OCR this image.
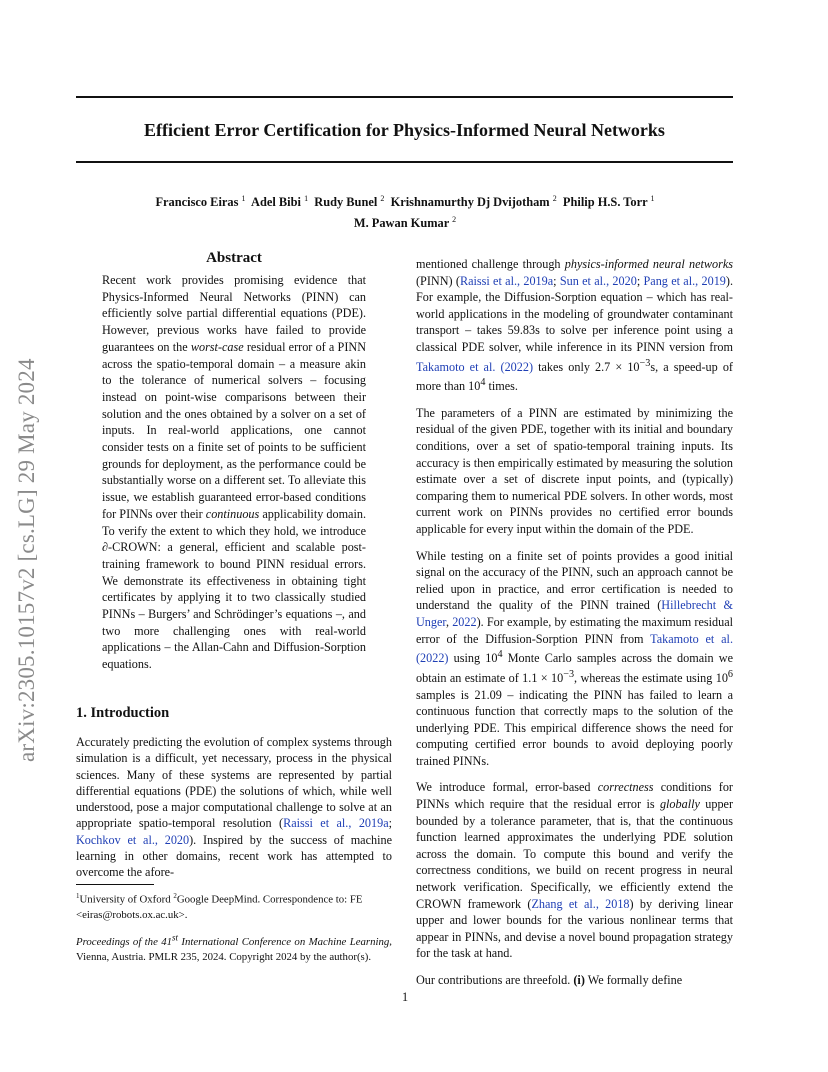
Efficient Error Certification for Physics-Informed Neural Networks
Francisco Eiras $^1$ Adel Bibi $^1$ Rudy Bunel $^2$ Krishnamurthy Dj Dvijotham $^2$ Philip H.S. Torr $^1$
M. Pawan Kumar $^2$
arXiv:2305.10157v2 [cs.LG] 29 May 2024
Abstract
Recent work provides promising evidence that Physics-Informed Neural Networks (PINN) can efficiently solve partial differential equations (PDE). However, previous works have failed to provide guarantees on the worst-case residual error of a PINN across the spatio-temporal domain – a measure akin to the tolerance of numerical solvers – focusing instead on point-wise comparisons between their solution and the ones obtained by a solver on a set of inputs. In real-world applications, one cannot consider tests on a finite set of points to be sufficient grounds for deployment, as the performance could be substantially worse on a different set. To alleviate this issue, we establish guaranteed error-based conditions for PINNs over their continuous applicability domain. To verify the extent to which they hold, we introduce ∂-CROWN: a general, efficient and scalable post-training framework to bound PINN residual errors. We demonstrate its effectiveness in obtaining tight certificates by applying it to two classically studied PINNs – Burgers’ and Schrödinger’s equations –, and two more challenging ones with real-world applications – the Allan-Cahn and Diffusion-Sorption equations.
1. Introduction
Accurately predicting the evolution of complex systems through simulation is a difficult, yet necessary, process in the physical sciences. Many of these systems are represented by partial differential equations (PDE) the solutions of which, while well understood, pose a major computational challenge to solve at an appropriate spatio-temporal resolution (Raissi et al., 2019a; Kochkov et al., 2020). Inspired by the success of machine learning in other domains, recent work has attempted to overcome the afore-
$^1$University of Oxford $^2$Google DeepMind. Correspondence to: FE <eiras@robots.ox.ac.uk>.
Proceedings of the 41st International Conference on Machine Learning, Vienna, Austria. PMLR 235, 2024. Copyright 2024 by the author(s).

mentioned challenge through physics-informed neural networks (PINN) (Raissi et al., 2019a; Sun et al., 2020; Pang et al., 2019). For example, the Diffusion-Sorption equation – which has real-world applications in the modeling of groundwater contaminant transport – takes 59.83s to solve per inference point using a classical PDE solver, while inference in its PINN version from Takamoto et al. (2022) takes only $2.7 \times 10^{-3}s$, a speed-up of more than $10^4$ times.

The parameters of a PINN are estimated by minimizing the residual of the given PDE, together with its initial and boundary conditions, over a set of spatio-temporal training inputs. Its accuracy is then empirically estimated by measuring the solution estimate over a set of discrete input points, and (typically) comparing them to numerical PDE solvers. In other words, most current work on PINNs provides no certified error bounds applicable for every input within the domain of the PDE.

While testing on a finite set of points provides a good initial signal on the accuracy of the PINN, such an approach cannot be relied upon in practice, and error certification is needed to understand the quality of the PINN trained (Hillebrecht & Unger, 2022). For example, by estimating the maximum residual error of the Diffusion-Sorption PINN from Takamoto et al. (2022) using $10^4$ Monte Carlo samples across the domain we obtain an estimate of $1.1 \times 10^{-3}$, whereas the estimate using $10^6$ samples is 21.09 – indicating the PINN has failed to learn a continuous function that correctly maps to the solution of the underlying PDE. This empirical difference shows the need for computing certified error bounds to avoid deploying poorly trained PINNs.

We introduce formal, error-based correctness conditions for PINNs which require that the residual error is globally upper bounded by a tolerance parameter, that is, that the continuous function learned approximates the underlying PDE solution across the domain. To compute this bound and verify the correctness conditions, we build on recent progress in neural network verification. Specifically, we efficiently extend the CROWN framework (Zhang et al., 2018) by deriving linear upper and lower bounds for the various nonlinear terms that appear in PINNs, and devise a novel bound propagation strategy for the task at hand.

Our contributions are threefold. (i) We formally define

1
